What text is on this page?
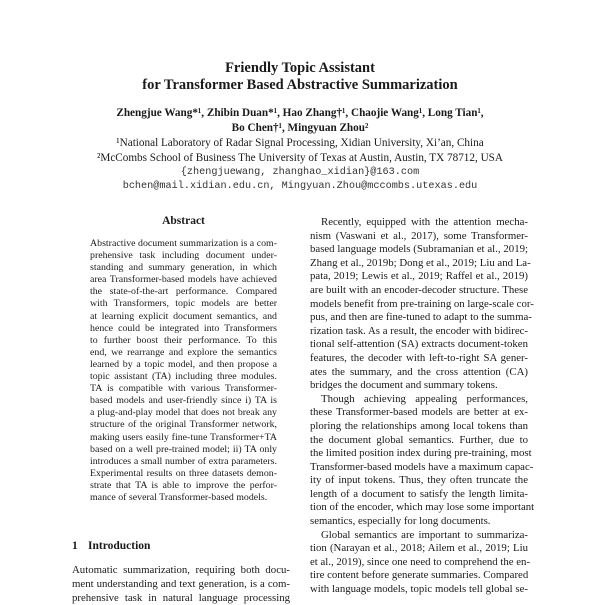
Friendly Topic Assistant
for Transformer Based Abstractive Summarization
Zhengjue Wang*¹, Zhibin Duan*¹, Hao Zhang†¹, Chaojie Wang¹, Long Tian¹,
Bo Chen†¹, Mingyuan Zhou²
¹National Laboratory of Radar Signal Processing, Xidian University, Xi’an, China
²McCombs School of Business The University of Texas at Austin, Austin, TX 78712, USA
{zhengjuewang, zhanghao_xidian}@163.com
bchen@mail.xidian.edu.cn, Mingyuan.Zhou@mccombs.utexas.edu
Abstract
Abstractive document summarization is a com-
prehensive task including document under-
standing and summary generation, in which
area Transformer-based models have achieved
the state-of-the-art performance. Compared
with Transformers, topic models are better
at learning explicit document semantics, and
hence could be integrated into Transformers
to further boost their performance. To this
end, we rearrange and explore the semantics
learned by a topic model, and then propose a
topic assistant (TA) including three modules.
TA is compatible with various Transformer-
based models and user-friendly since i) TA is
a plug-and-play model that does not break any
structure of the original Transformer network,
making users easily fine-tune Transformer+TA
based on a well pre-trained model; ii) TA only
introduces a small number of extra parameters.
Experimental results on three datasets demon-
strate that TA is able to improve the perfor-
mance of several Transformer-based models.
1 Introduction
Automatic summarization, requiring both docu-
ment understanding and text generation, is a com-
prehensive task in natural language processing
Recently, equipped with the attention mecha-
nism (Vaswani et al., 2017), some Transformer-
based language models (Subramanian et al., 2019;
Zhang et al., 2019b; Dong et al., 2019; Liu and La-
pata, 2019; Lewis et al., 2019; Raffel et al., 2019)
are built with an encoder-decoder structure. These
models benefit from pre-training on large-scale cor-
pus, and then are fine-tuned to adapt to the summa-
rization task. As a result, the encoder with bidirec-
tional self-attention (SA) extracts document-token
features, the decoder with left-to-right SA gener-
ates the summary, and the cross attention (CA)
bridges the document and summary tokens.
Though achieving appealing performances,
these Transformer-based models are better at ex-
ploring the relationships among local tokens than
the document global semantics. Further, due to
the limited position index during pre-training, most
Transformer-based models have a maximum capac-
ity of input tokens. Thus, they often truncate the
length of a document to satisfy the length limita-
tion of the encoder, which may lose some important
semantics, especially for long documents.
Global semantics are important to summariza-
tion (Narayan et al., 2018; Ailem et al., 2019; Liu
et al., 2019), since one need to comprehend the en-
tire content before generate summaries. Compared
with language models, topic models tell global se-
